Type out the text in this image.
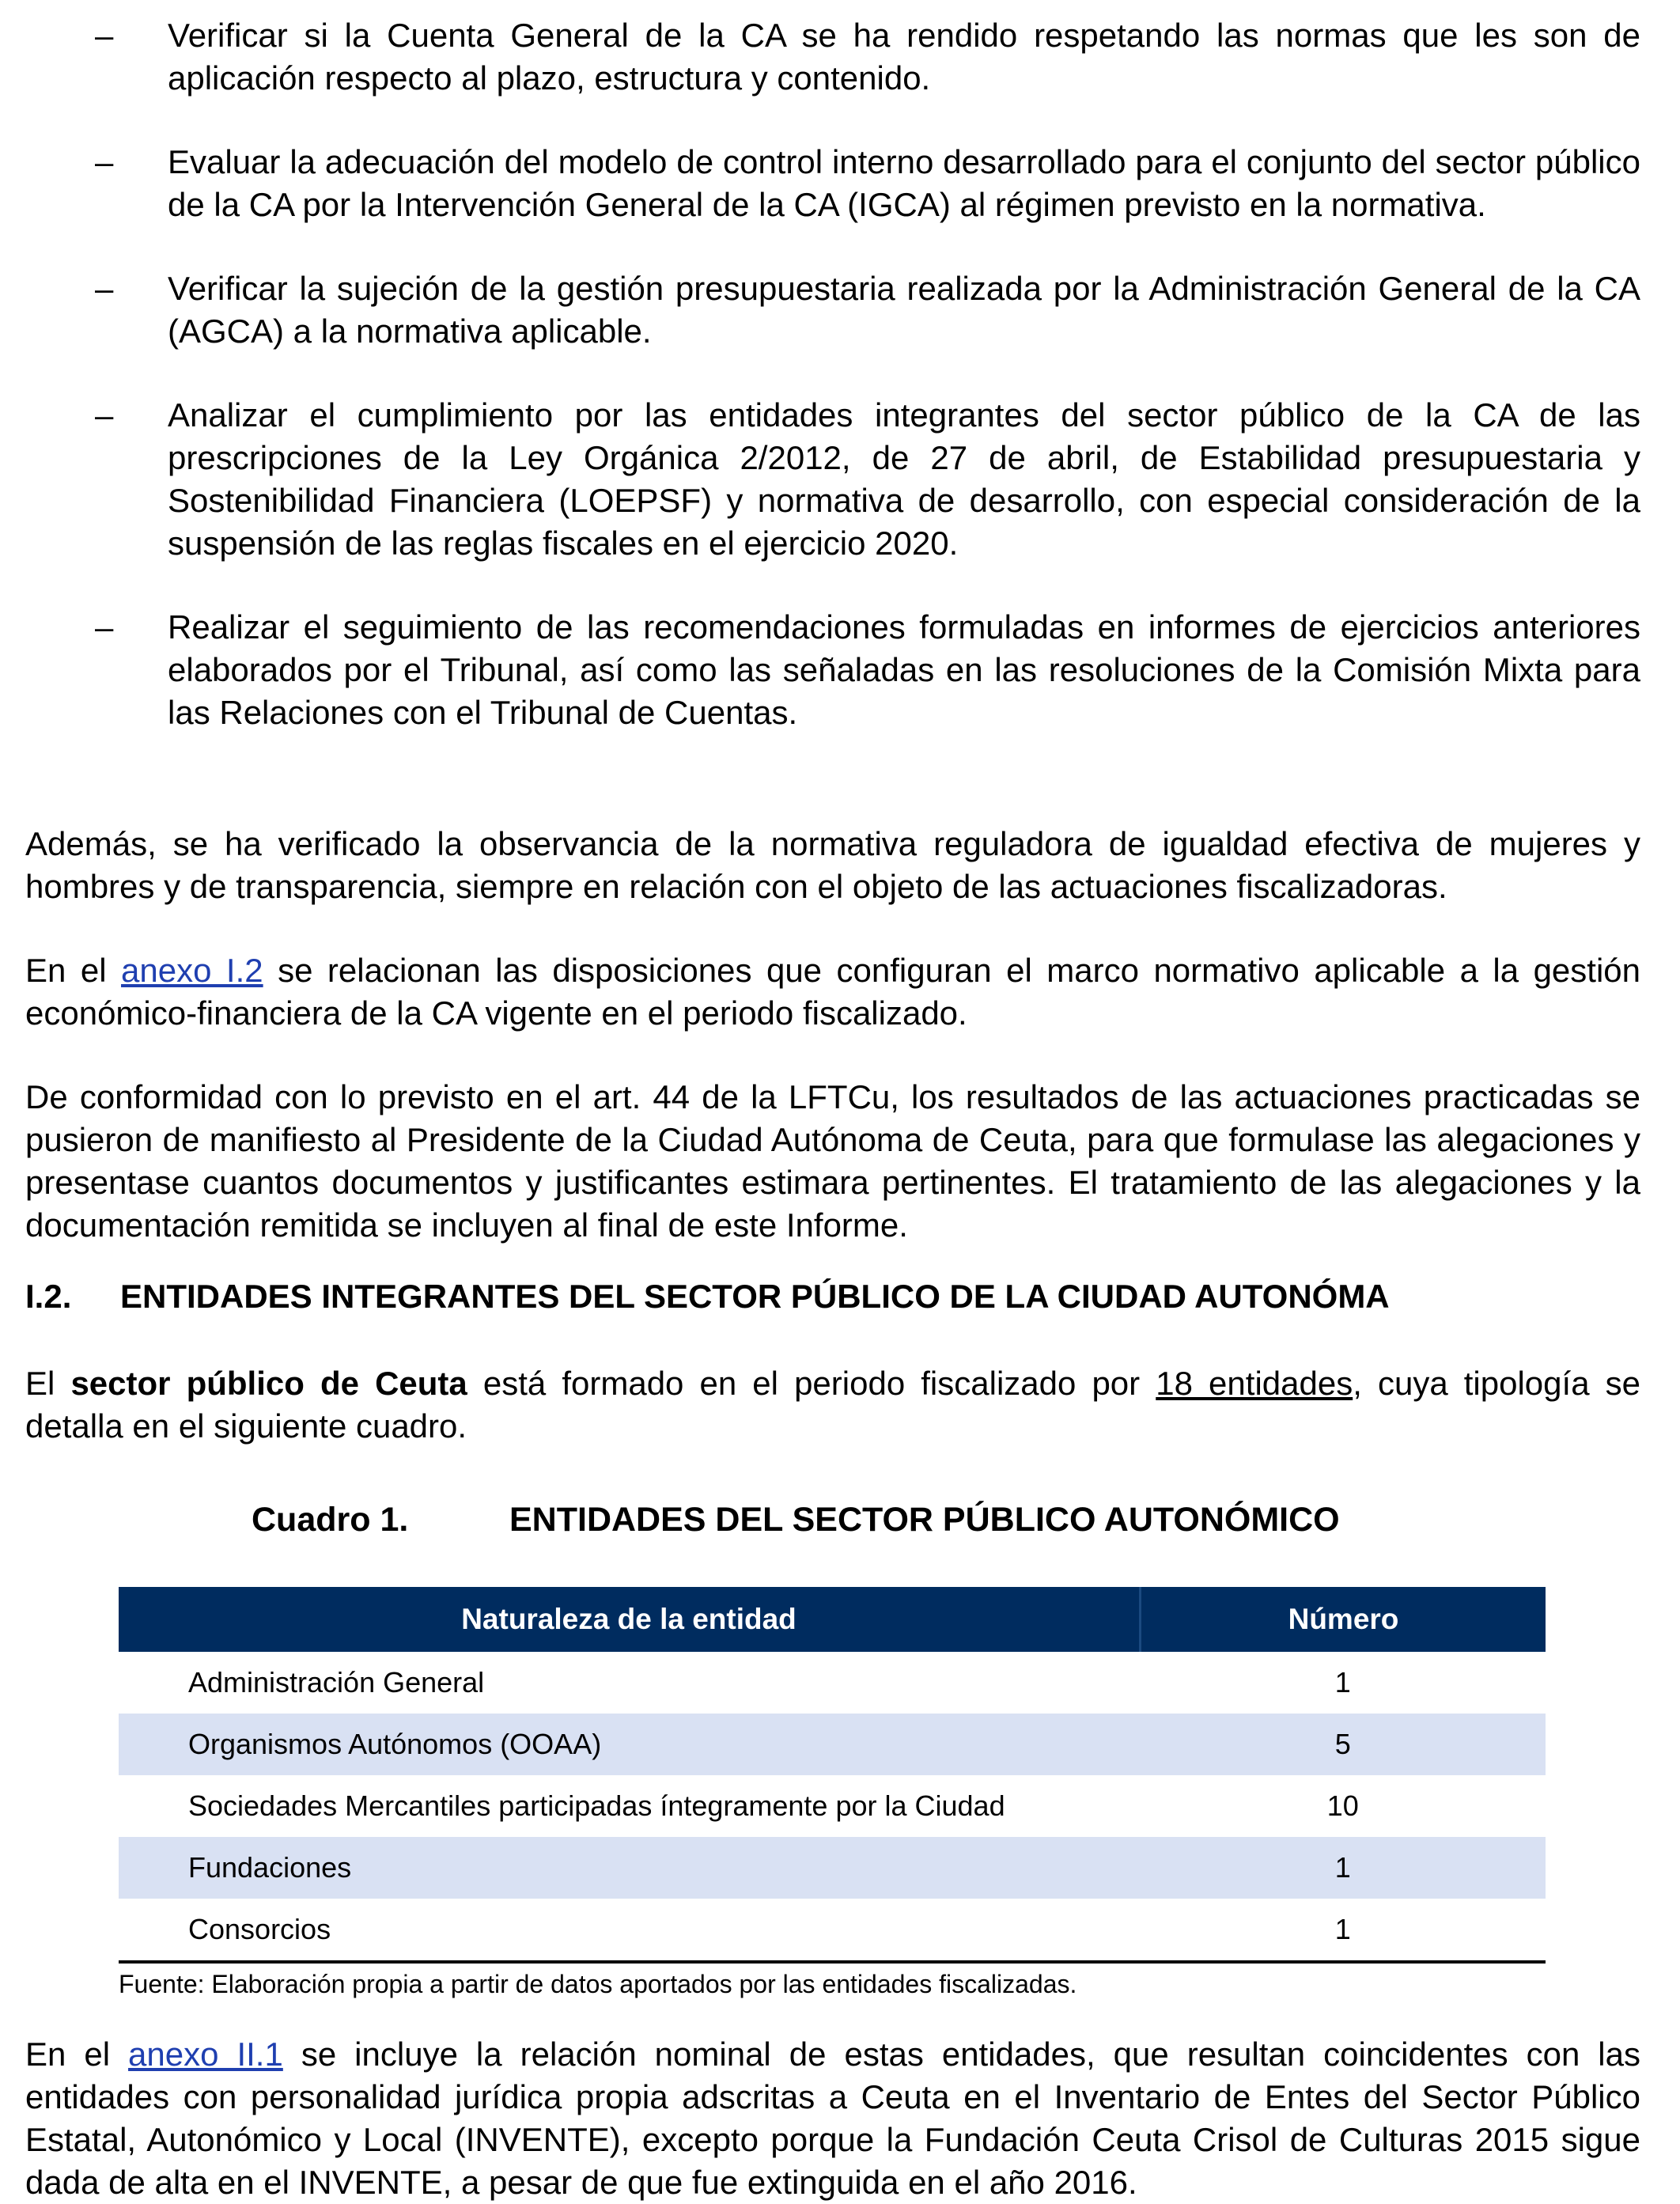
– Verificar si la Cuenta General de la CA se ha rendido respetando las normas que les son de aplicación respecto al plazo, estructura y contenido.
– Evaluar la adecuación del modelo de control interno desarrollado para el conjunto del sector público de la CA por la Intervención General de la CA (IGCA) al régimen previsto en la normativa.
– Verificar la sujeción de la gestión presupuestaria realizada por la Administración General de la CA (AGCA) a la normativa aplicable.
– Analizar el cumplimiento por las entidades integrantes del sector público de la CA de las prescripciones de la Ley Orgánica 2/2012, de 27 de abril, de Estabilidad presupuestaria y Sostenibilidad Financiera (LOEPSF) y normativa de desarrollo, con especial consideración de la suspensión de las reglas fiscales en el ejercicio 2020.
– Realizar el seguimiento de las recomendaciones formuladas en informes de ejercicios anteriores elaborados por el Tribunal, así como las señaladas en las resoluciones de la Comisión Mixta para las Relaciones con el Tribunal de Cuentas.

Además, se ha verificado la observancia de la normativa reguladora de igualdad efectiva de mujeres y hombres y de transparencia, siempre en relación con el objeto de las actuaciones fiscalizadoras.

En el anexo I.2 se relacionan las disposiciones que configuran el marco normativo aplicable a la gestión económico-financiera de la CA vigente en el periodo fiscalizado.

De conformidad con lo previsto en el art. 44 de la LFTCu, los resultados de las actuaciones practicadas se pusieron de manifiesto al Presidente de la Ciudad Autónoma de Ceuta, para que formulase las alegaciones y presentase cuantos documentos y justificantes estimara pertinentes. El tratamiento de las alegaciones y la documentación remitida se incluyen al final de este Informe.

I.2. ENTIDADES INTEGRANTES DEL SECTOR PÚBLICO DE LA CIUDAD AUTONÓMA

El sector público de Ceuta está formado en el periodo fiscalizado por 18 entidades, cuya tipología se detalla en el siguiente cuadro.

Cuadro 1.	ENTIDADES DEL SECTOR PÚBLICO AUTONÓMICO
Naturaleza de la entidad	Número
Administración General	1
Organismos Autónomos (OOAA)	5
Sociedades Mercantiles participadas íntegramente por la Ciudad	10
Fundaciones	1
Consorcios	1
Fuente: Elaboración propia a partir de datos aportados por las entidades fiscalizadas.

En el anexo II.1 se incluye la relación nominal de estas entidades, que resultan coincidentes con las entidades con personalidad jurídica propia adscritas a Ceuta en el Inventario de Entes del Sector Público Estatal, Autonómico y Local (INVENTE), excepto porque la Fundación Ceuta Crisol de Culturas 2015 sigue dada de alta en el INVENTE, a pesar de que fue extinguida en el año 2016.
